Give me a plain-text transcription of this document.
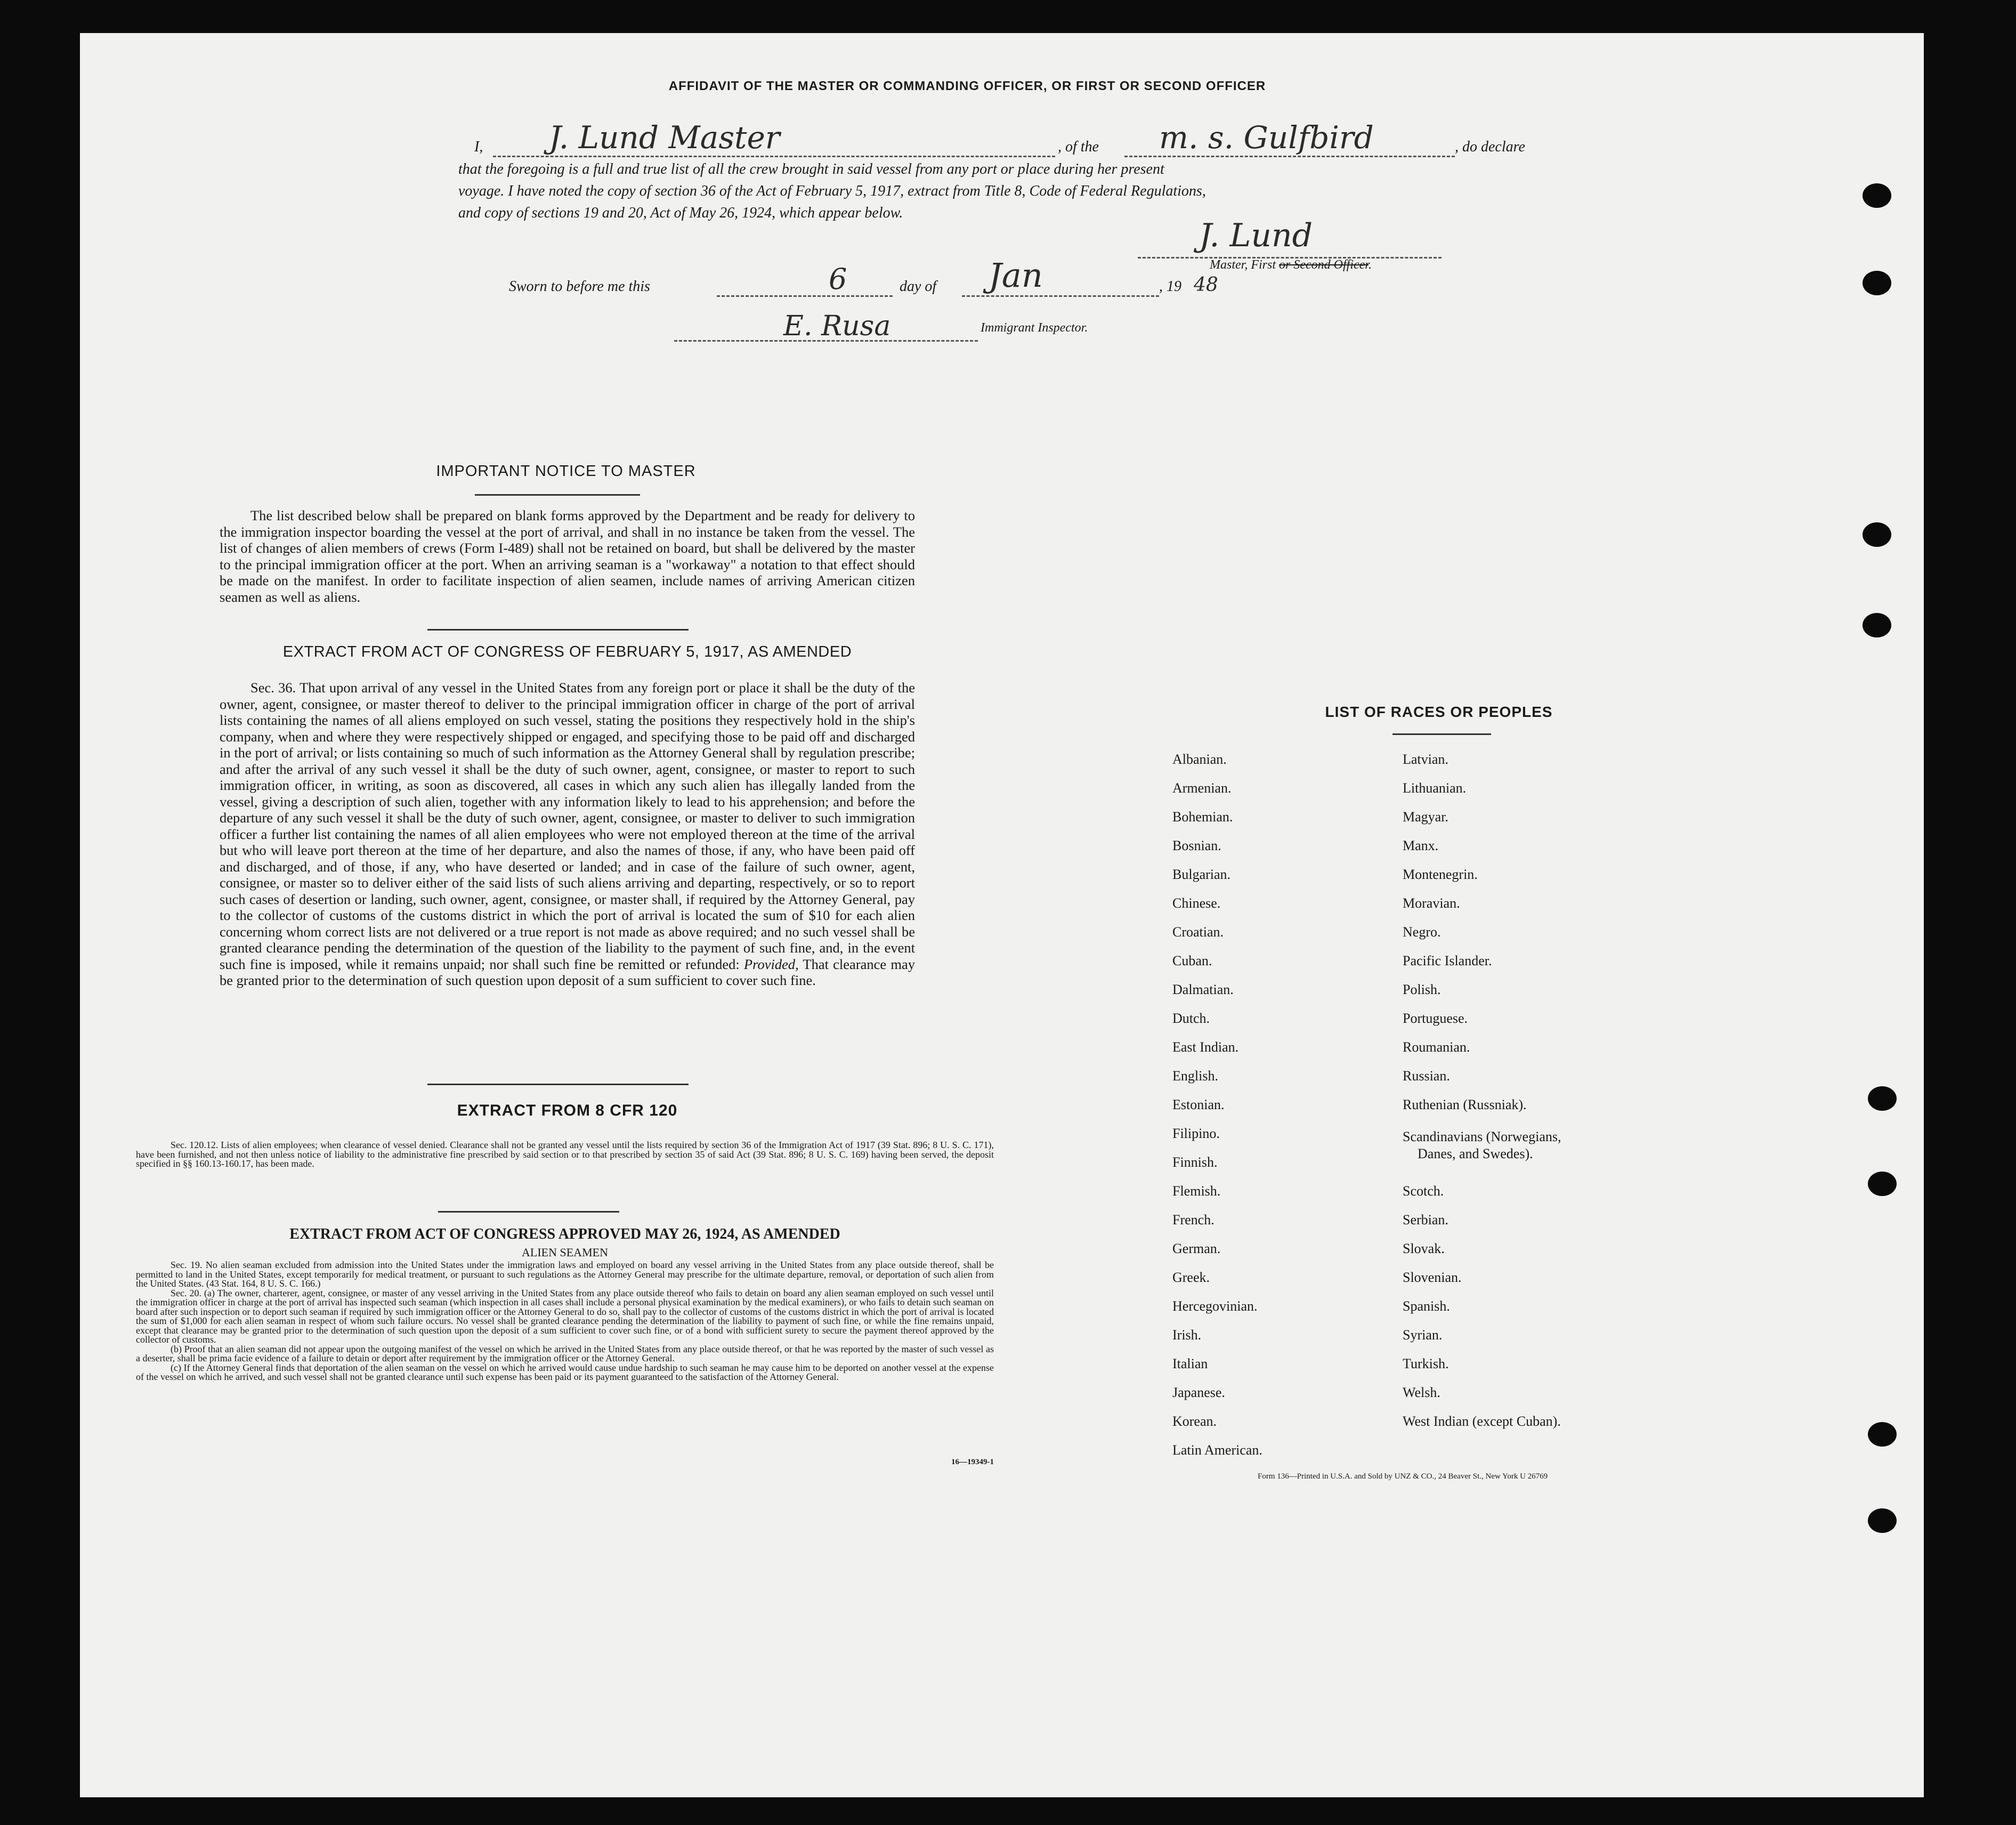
AFFIDAVIT OF THE MASTER OR COMMANDING OFFICER, OR FIRST OR SECOND OFFICER
I, J. Lund Master	, of the m. s. Gulfbird	, do declare
that the foregoing is a full and true list of all the crew brought in said vessel from any port or place during her present
voyage. I have noted the copy of section 36 of the Act of February 5, 1917, extract from Title 8, Code of Federal Regulations,
and copy of sections 19 and 20, Act of May 26, 1924, which appear below.
J. Lund
Master, First or Second Officer.
Sworn to before me this	6	day of Jan	, 19 48
E. Rusa	Immigrant Inspector.
IMPORTANT NOTICE TO MASTER
The list described below shall be prepared on blank forms approved by the Department and be ready for delivery to the immigration inspector boarding the vessel at the port of arrival, and shall in no instance be taken from the vessel. The list of changes of alien members of crews (Form I-489) shall not be retained on board, but shall be delivered by the master to the principal immigration officer at the port. When an arriving seaman is a "workaway" a notation to that effect should be made on the manifest. In order to facilitate inspection of alien seamen, include names of arriving American citizen seamen as well as aliens.
EXTRACT FROM ACT OF CONGRESS OF FEBRUARY 5, 1917, AS AMENDED
Sec. 36. That upon arrival of any vessel in the United States from any foreign port or place it shall be the duty of the owner, agent, consignee, or master thereof to deliver to the principal immigration officer in charge of the port of arrival lists containing the names of all aliens employed on such vessel, stating the positions they respectively hold in the ship's company, when and where they were respectively shipped or engaged, and specifying those to be paid off and discharged in the port of arrival; or lists containing so much of such information as the Attorney General shall by regulation prescribe; and after the arrival of any such vessel it shall be the duty of such owner, agent, consignee, or master to report to such immigration officer, in writing, as soon as discovered, all cases in which any such alien has illegally landed from the vessel, giving a description of such alien, together with any information likely to lead to his apprehension; and before the departure of any such vessel it shall be the duty of such owner, agent, consignee, or master to deliver to such immigration officer a further list containing the names of all alien employees who were not employed thereon at the time of the arrival but who will leave port thereon at the time of her departure, and also the names of those, if any, who have been paid off and discharged, and of those, if any, who have deserted or landed; and in case of the failure of such owner, agent, consignee, or master so to deliver either of the said lists of such aliens arriving and departing, respectively, or so to report such cases of desertion or landing, such owner, agent, consignee, or master shall, if required by the Attorney General, pay to the collector of customs of the customs district in which the port of arrival is located the sum of $10 for each alien concerning whom correct lists are not delivered or a true report is not made as above required; and no such vessel shall be granted clearance pending the determination of the question of the liability to the payment of such fine, and, in the event such fine is imposed, while it remains unpaid; nor shall such fine be remitted or refunded: Provided, That clearance may be granted prior to the determination of such question upon deposit of a sum sufficient to cover such fine.
EXTRACT FROM 8 CFR 120
Sec. 120.12. Lists of alien employees; when clearance of vessel denied. Clearance shall not be granted any vessel until the lists required by section 36 of the Immigration Act of 1917 (39 Stat. 896; 8 U. S. C. 171), have been furnished, and not then unless notice of liability to the administrative fine prescribed by said section or to that prescribed by section 35 of said Act (39 Stat. 896; 8 U. S. C. 169) having been served, the deposit specified in §§ 160.13-160.17, has been made.
EXTRACT FROM ACT OF CONGRESS APPROVED MAY 26, 1924, AS AMENDED
ALIEN SEAMEN
Sec. 19. No alien seaman excluded from admission into the United States under the immigration laws and employed on board any vessel arriving in the United States from any place outside thereof, shall be permitted to land in the United States, except temporarily for medical treatment, or pursuant to such regulations as the Attorney General may prescribe for the ultimate departure, removal, or deportation of such alien from the United States. (43 Stat. 164, 8 U. S. C. 166.)
Sec. 20. (a) The owner, charterer, agent, consignee, or master of any vessel arriving in the United States from any place outside thereof who fails to detain on board any alien seaman employed on such vessel until the immigration officer in charge at the port of arrival has inspected such seaman (which inspection in all cases shall include a personal physical examination by the medical examiners), or who fails to detain such seaman on board after such inspection or to deport such seaman if required by such immigration officer or the Attorney General to do so, shall pay to the collector of customs of the customs district in which the port of arrival is located the sum of $1,000 for each alien seaman in respect of whom such failure occurs. No vessel shall be granted clearance pending the determination of the liability to payment of such fine, or while the fine remains unpaid, except that clearance may be granted prior to the determination of such question upon the deposit of a sum sufficient to cover such fine, or of a bond with sufficient surety to secure the payment thereof approved by the collector of customs.
(b) Proof that an alien seaman did not appear upon the outgoing manifest of the vessel on which he arrived in the United States from any place outside thereof, or that he was reported by the master of such vessel as a deserter, shall be prima facie evidence of a failure to detain or deport after requirement by the immigration officer or the Attorney General.
(c) If the Attorney General finds that deportation of the alien seaman on the vessel on which he arrived would cause undue hardship to such seaman he may cause him to be deported on another vessel at the expense of the vessel on which he arrived, and such vessel shall not be granted clearance until such expense has been paid or its payment guaranteed to the satisfaction of the Attorney General.
16—19349-1
LIST OF RACES OR PEOPLES
Albanian.
Armenian.
Bohemian.
Bosnian.
Bulgarian.
Chinese.
Croatian.
Cuban.
Dalmatian.
Dutch.
East Indian.
English.
Estonian.
Filipino.
Finnish.
Flemish.
French.
German.
Greek.
Hercegovinian.
Irish.
Italian
Japanese.
Korean.
Latin American.
Latvian.
Lithuanian.
Magyar.
Manx.
Montenegrin.
Moravian.
Negro.
Pacific Islander.
Polish.
Portuguese.
Roumanian.
Russian.
Ruthenian (Russniak).
Scandinavians (Norwegians,
Danes, and Swedes).
Scotch.
Serbian.
Slovak.
Slovenian.
Spanish.
Syrian.
Turkish.
Welsh.
West Indian (except Cuban).
Form 136—Printed in U.S.A. and Sold by UNZ & CO., 24 Beaver St., New York U 26769
